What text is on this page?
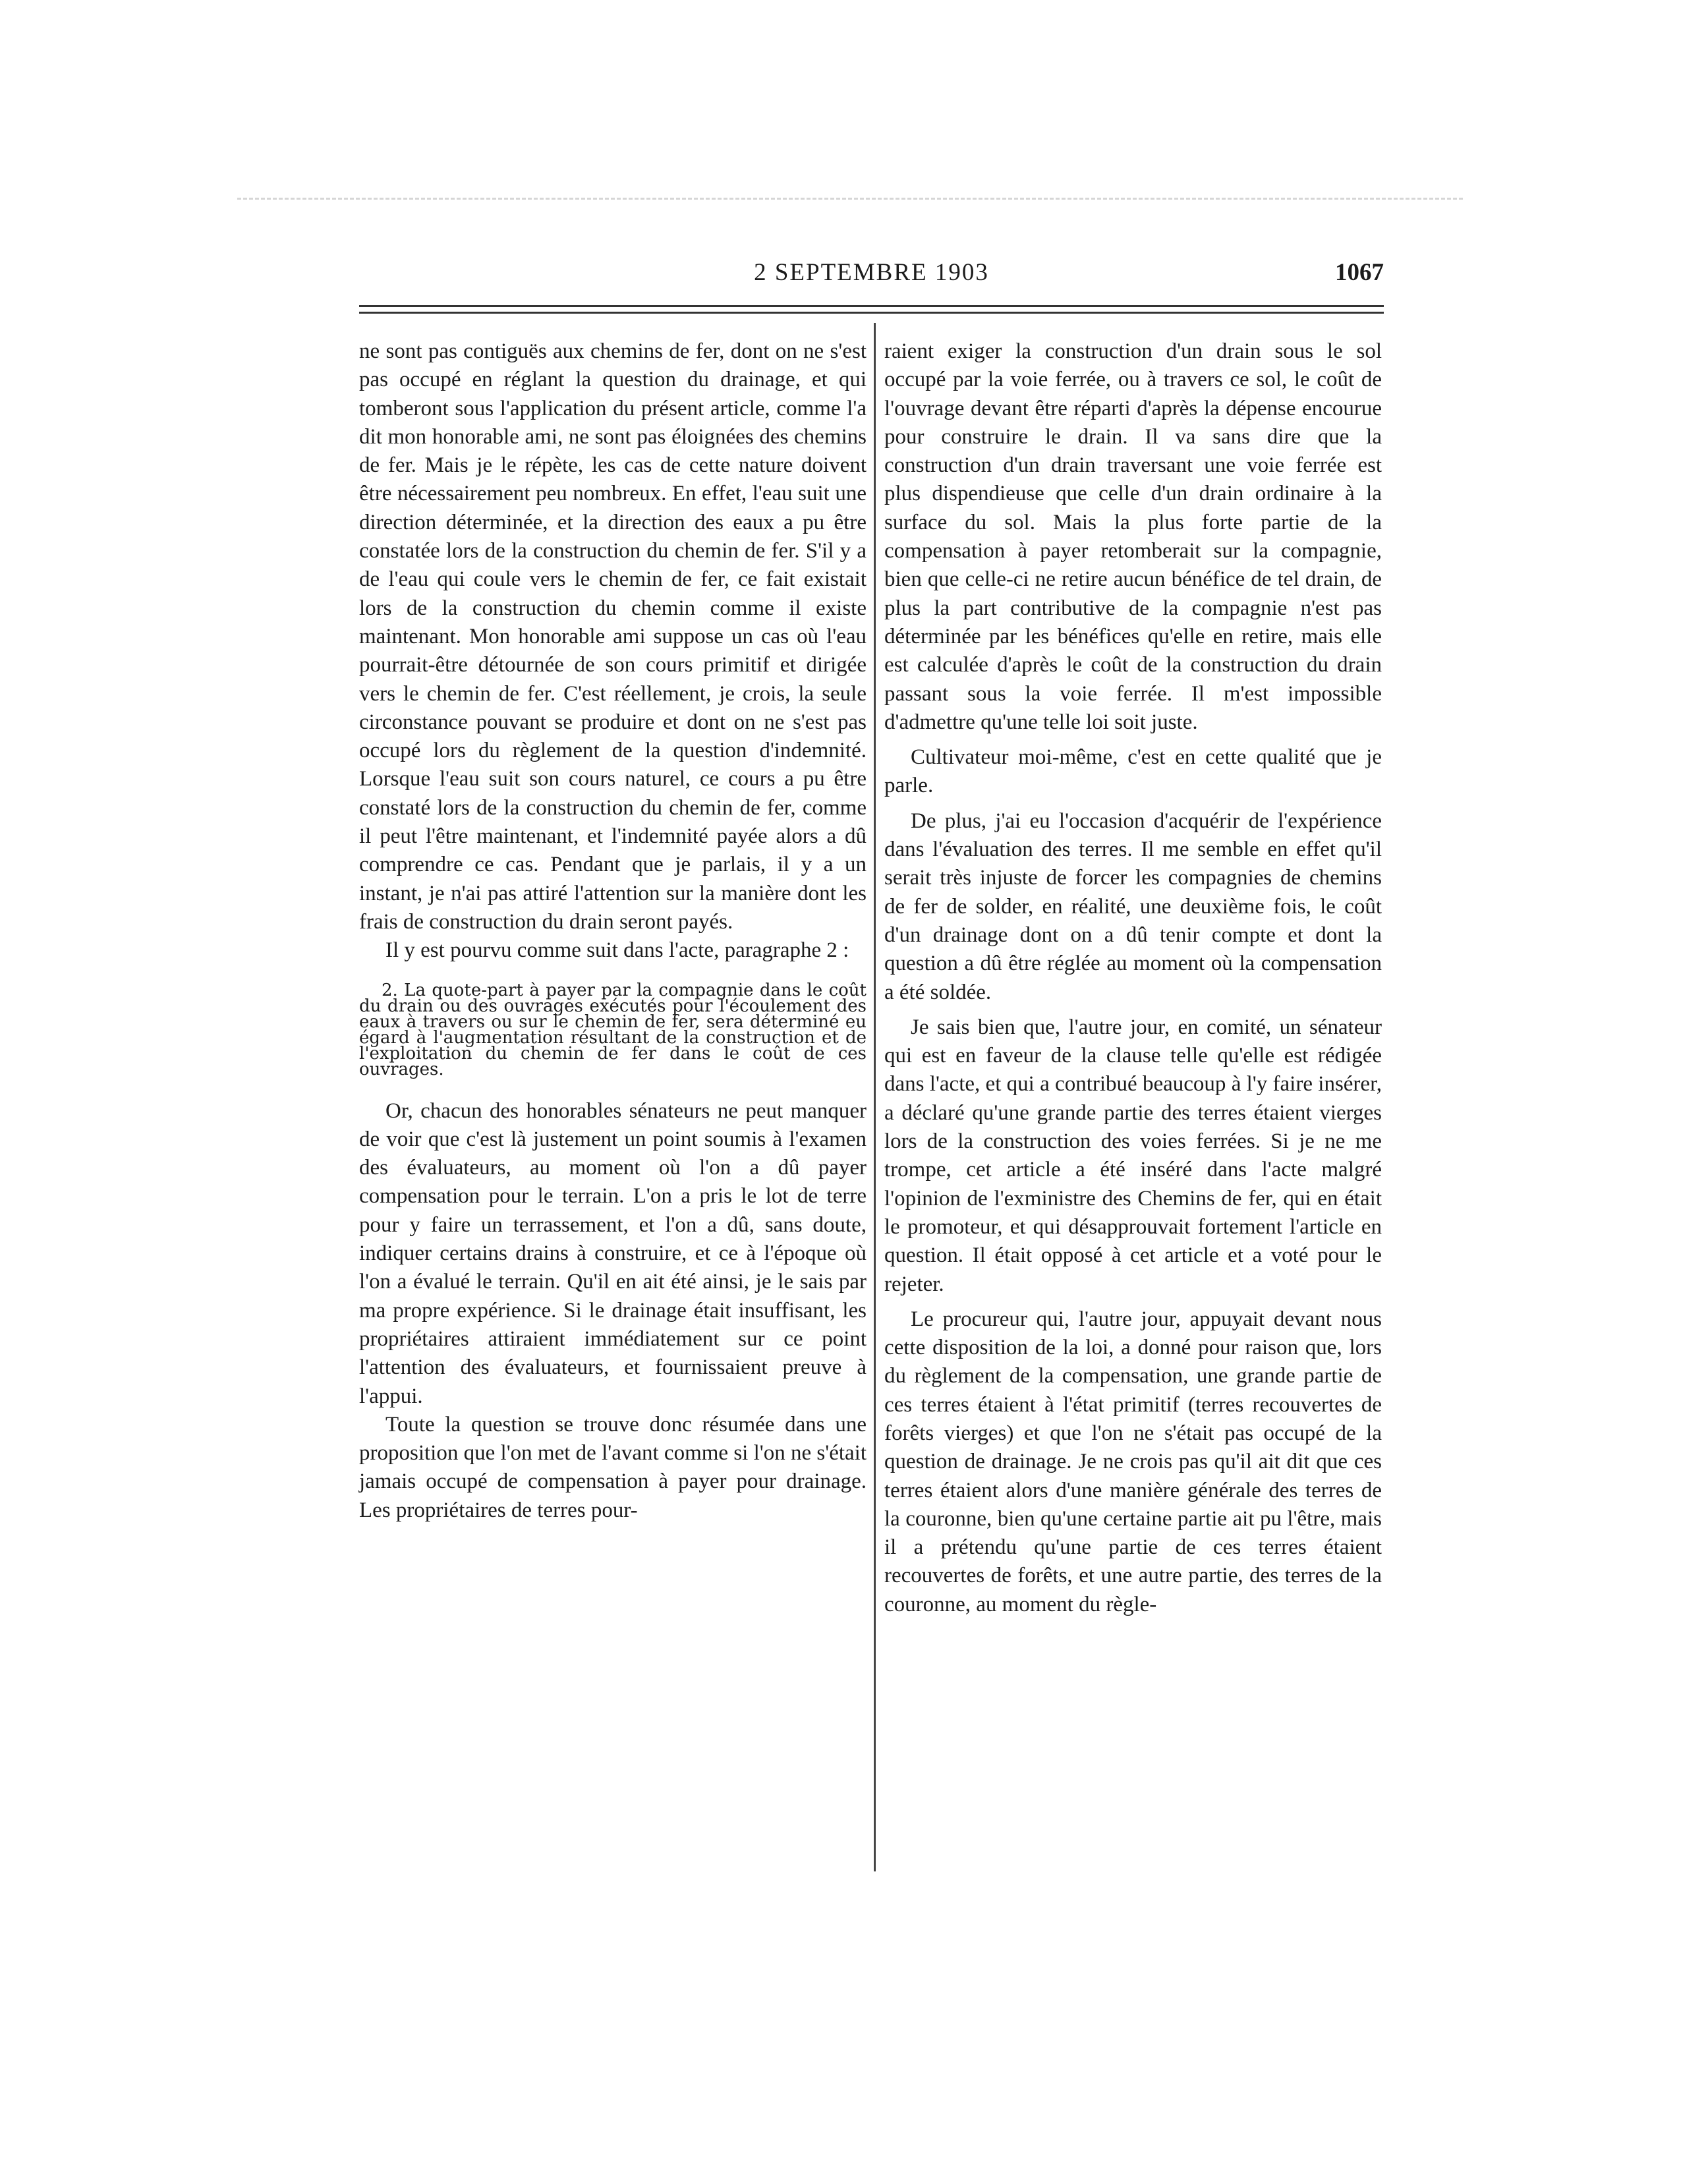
2 SEPTEMBRE 1903	1067

ne sont pas contiguës aux chemins de fer, dont on ne s'est pas occupé en réglant la question du drainage, et qui tomberont sous l'application du présent article, comme l'a dit mon honorable ami, ne sont pas éloignées des chemins de fer. Mais je le répète, les cas de cette nature doivent être nécessairement peu nombreux. En effet, l'eau suit une direction déterminée, et la direction des eaux a pu être constatée lors de la construction du chemin de fer. S'il y a de l'eau qui coule vers le chemin de fer, ce fait existait lors de la construction du chemin comme il existe maintenant. Mon honorable ami suppose un cas où l'eau pourrait-être détournée de son cours primitif et dirigée vers le chemin de fer. C'est réellement, je crois, la seule circonstance pouvant se produire et dont on ne s'est pas occupé lors du règlement de la question d'indemnité. Lorsque l'eau suit son cours naturel, ce cours a pu être constaté lors de la construction du chemin de fer, comme il peut l'être maintenant, et l'indemnité payée alors a dû comprendre ce cas. Pendant que je parlais, il y a un instant, je n'ai pas attiré l'attention sur la manière dont les frais de construction du drain seront payés.

Il y est pourvu comme suit dans l'acte, paragraphe 2 :

2. La quote-part à payer par la compagnie dans le coût du drain ou des ouvrages exécutés pour l'écoulement des eaux à travers ou sur le chemin de fer, sera déterminé eu égard à l'augmentation résultant de la construction et de l'exploitation du chemin de fer dans le coût de ces ouvrages.

Or, chacun des honorables sénateurs ne peut manquer de voir que c'est là justement un point soumis à l'examen des évaluateurs, au moment où l'on a dû payer compensation pour le terrain. L'on a pris le lot de terre pour y faire un terrassement, et l'on a dû, sans doute, indiquer certains drains à construire, et ce à l'époque où l'on a évalué le terrain. Qu'il en ait été ainsi, je le sais par ma propre expérience. Si le drainage était insuffisant, les propriétaires attiraient immédiatement sur ce point l'attention des évaluateurs, et fournissaient preuve à l'appui.

Toute la question se trouve donc résumée dans une proposition que l'on met de l'avant comme si l'on ne s'était jamais occupé de compensation à payer pour drainage. Les propriétaires de terres pour-

raient exiger la construction d'un drain sous le sol occupé par la voie ferrée, ou à travers ce sol, le coût de l'ouvrage devant être réparti d'après la dépense encourue pour construire le drain. Il va sans dire que la construction d'un drain traversant une voie ferrée est plus dispendieuse que celle d'un drain ordinaire à la surface du sol. Mais la plus forte partie de la compensation à payer retomberait sur la compagnie, bien que celle-ci ne retire aucun bénéfice de tel drain, de plus la part contributive de la compagnie n'est pas déterminée par les bénéfices qu'elle en retire, mais elle est calculée d'après le coût de la construction du drain passant sous la voie ferrée. Il m'est impossible d'admettre qu'une telle loi soit juste.

Cultivateur moi-même, c'est en cette qualité que je parle.

De plus, j'ai eu l'occasion d'acquérir de l'expérience dans l'évaluation des terres. Il me semble en effet qu'il serait très injuste de forcer les compagnies de chemins de fer de solder, en réalité, une deuxième fois, le coût d'un drainage dont on a dû tenir compte et dont la question a dû être réglée au moment où la compensation a été soldée.

Je sais bien que, l'autre jour, en comité, un sénateur qui est en faveur de la clause telle qu'elle est rédigée dans l'acte, et qui a contribué beaucoup à l'y faire insérer, a déclaré qu'une grande partie des terres étaient vierges lors de la construction des voies ferrées. Si je ne me trompe, cet article a été inséré dans l'acte malgré l'opinion de l'exministre des Chemins de fer, qui en était le promoteur, et qui désapprouvait fortement l'article en question. Il était opposé à cet article et a voté pour le rejeter.

Le procureur qui, l'autre jour, appuyait devant nous cette disposition de la loi, a donné pour raison que, lors du règlement de la compensation, une grande partie de ces terres étaient à l'état primitif (terres recouvertes de forêts vierges) et que l'on ne s'était pas occupé de la question de drainage. Je ne crois pas qu'il ait dit que ces terres étaient alors d'une manière générale des terres de la couronne, bien qu'une certaine partie ait pu l'être, mais il a prétendu qu'une partie de ces terres étaient recouvertes de forêts, et une autre partie, des terres de la couronne, au moment du règle-
